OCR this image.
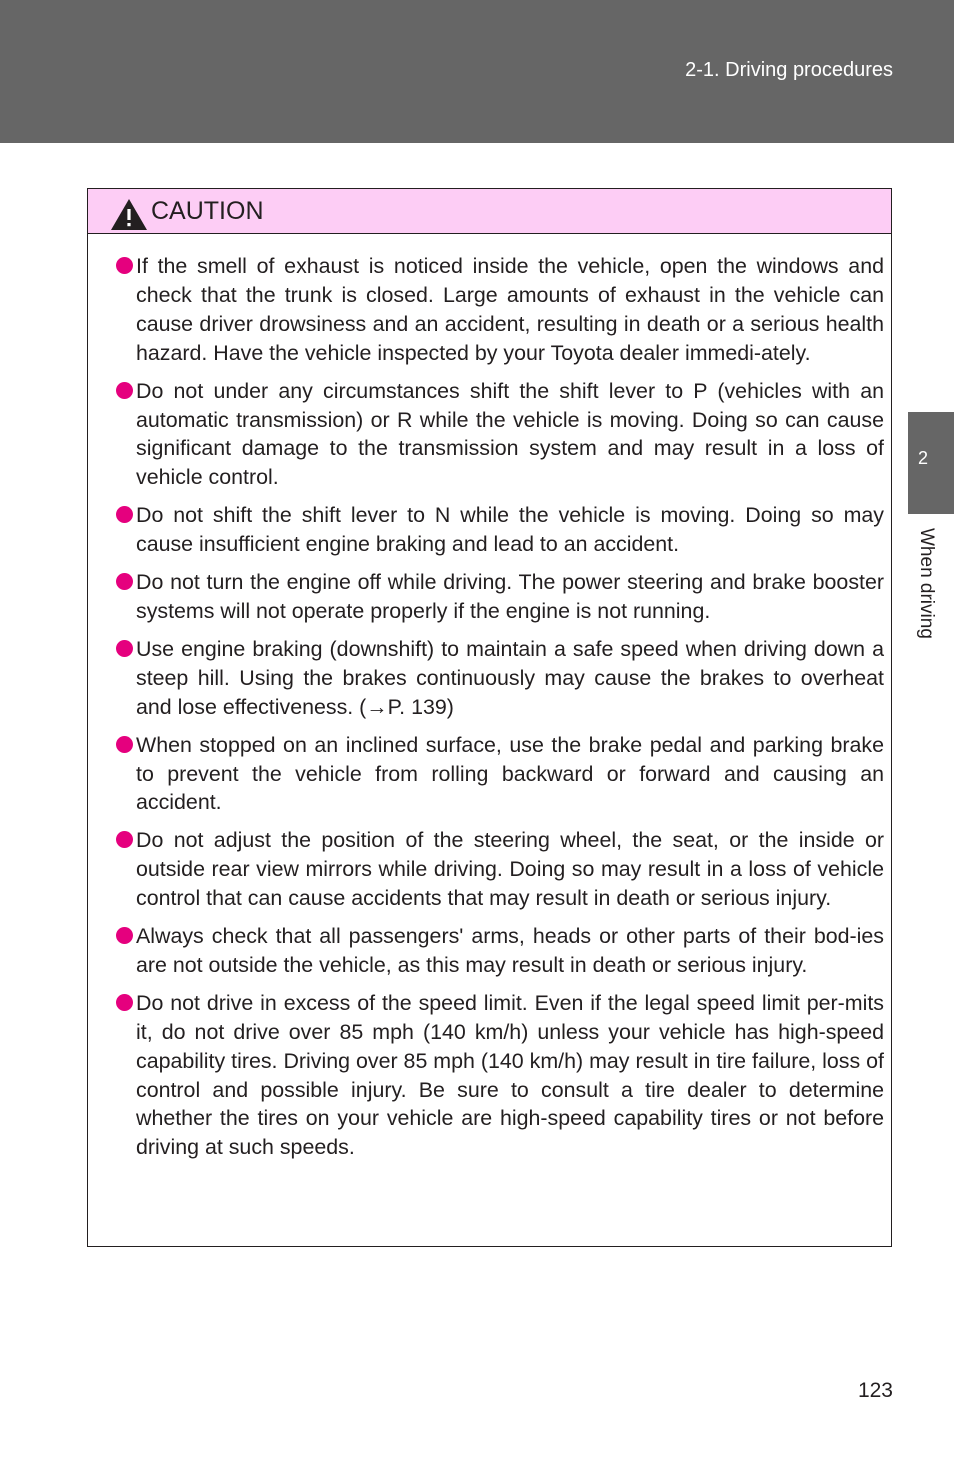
2-1. Driving procedures
2
When driving
CAUTION
If the smell of exhaust is noticed inside the vehicle, open the windows and check that the trunk is closed. Large amounts of exhaust in the vehicle can cause driver drowsiness and an accident, resulting in death or a serious health hazard. Have the vehicle inspected by your Toyota dealer immedi-ately.
Do not under any circumstances shift the shift lever to P (vehicles with an automatic transmission) or R while the vehicle is moving. Doing so can cause significant damage to the transmission system and may result in a loss of vehicle control.
Do not shift the shift lever to N while the vehicle is moving. Doing so may cause insufficient engine braking and lead to an accident.
Do not turn the engine off while driving. The power steering and brake booster systems will not operate properly if the engine is not running.
Use engine braking (downshift) to maintain a safe speed when driving down a steep hill. Using the brakes continuously may cause the brakes to overheat and lose effectiveness. (→P. 139)
When stopped on an inclined surface, use the brake pedal and parking brake to prevent the vehicle from rolling backward or forward and causing an accident.
Do not adjust the position of the steering wheel, the seat, or the inside or outside rear view mirrors while driving. Doing so may result in a loss of vehicle control that can cause accidents that may result in death or serious injury.
Always check that all passengers' arms, heads or other parts of their bod-ies are not outside the vehicle, as this may result in death or serious injury.
Do not drive in excess of the speed limit. Even if the legal speed limit per-mits it, do not drive over 85 mph (140 km/h) unless your vehicle has high-speed capability tires. Driving over 85 mph (140 km/h) may result in tire failure, loss of control and possible injury. Be sure to consult a tire dealer to determine whether the tires on your vehicle are high-speed capability tires or not before driving at such speeds.
123
